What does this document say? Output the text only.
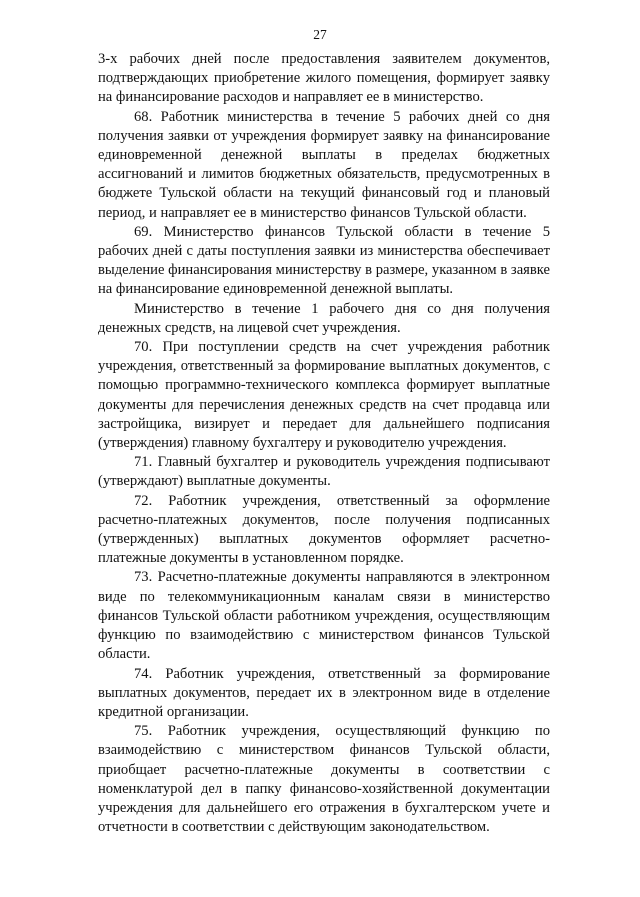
27

3-х рабочих дней после предоставления заявителем документов, подтверждающих приобретение жилого помещения, формирует заявку на финансирование расходов и направляет ее в министерство.

68. Работник министерства в течение 5 рабочих дней со дня получения заявки от учреждения формирует заявку на финансирование единовременной денежной выплаты в пределах бюджетных ассигнований и лимитов бюджетных обязательств, предусмотренных в бюджете Тульской области на текущий финансовый год и плановый период, и направляет ее в министерство финансов Тульской области.

69. Министерство финансов Тульской области в течение 5 рабочих дней с даты поступления заявки из министерства обеспечивает выделение финансирования министерству в размере, указанном в заявке на финансирование единовременной денежной выплаты.

Министерство в течение 1 рабочего дня со дня получения денежных средств, на лицевой счет учреждения.

70. При поступлении средств на счет учреждения работник учреждения, ответственный за формирование выплатных документов, с помощью программно-технического комплекса формирует выплатные документы для перечисления денежных средств на счет продавца или застройщика, визирует и передает для дальнейшего подписания (утверждения) главному бухгалтеру и руководителю учреждения.

71. Главный бухгалтер и руководитель учреждения подписывают (утверждают) выплатные документы.

72. Работник учреждения, ответственный за оформление расчетно-платежных документов, после получения подписанных (утвержденных) выплатных документов оформляет расчетно-платежные документы в установленном порядке.

73. Расчетно-платежные документы направляются в электронном виде по телекоммуникационным каналам связи в министерство финансов Тульской области работником учреждения, осуществляющим функцию по взаимодействию с министерством финансов Тульской области.

74. Работник учреждения, ответственный за формирование выплатных документов, передает их в электронном виде в отделение кредитной организации.

75. Работник учреждения, осуществляющий функцию по взаимодействию с министерством финансов Тульской области, приобщает расчетно-платежные документы в соответствии с номенклатурой дел в папку финансово-хозяйственной документации учреждения для дальнейшего его отражения в бухгалтерском учете и отчетности в соответствии с действующим законодательством.
